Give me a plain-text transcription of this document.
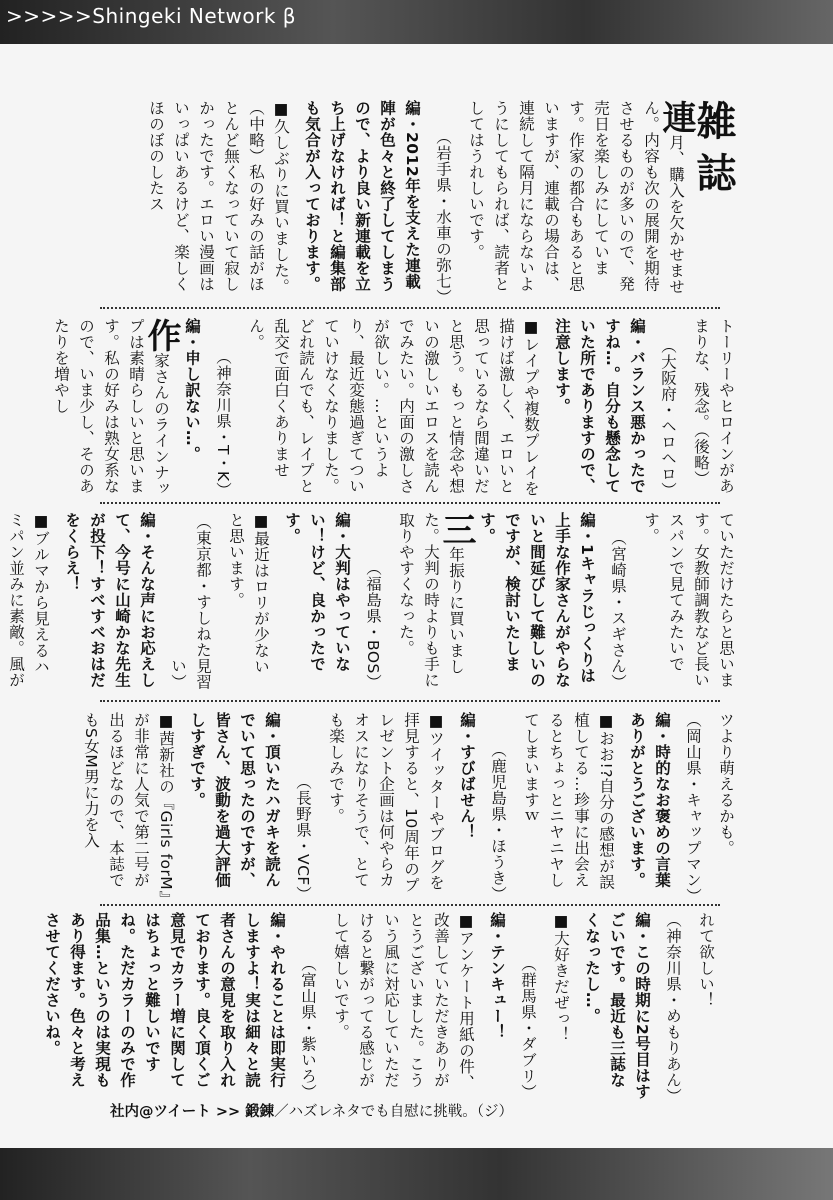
>>>>>Shingeki Network β
雑誌
連月、購入を欠かせません。内容も次の展開を期待させるものが多いので、発売日を楽しみにしています。作家の都合もあると思いますが、連載の場合は、連続して隔月にならないようにしてもられば、読者としてはうれしいです。
（岩手県・水車の弥七）
編・2012年を支えた連載陣が色々と終了してしまうので、より良い新連載を立ち上げなければ！と編集部も気合が入っております。
■久しぶりに買いました。（中略）私の好みの話がほとんど無くなっていて寂しかったです。エロい漫画はいっぱいあるけど、楽しくほのぼのしたス
トーリーやヒロインがあまりな、残念。（後略）
（大阪府・ヘロヘロ）
編・バランス悪かったですね…。自分も懸念していた所でありますので、注意します。
■レイプや複数プレイを描けば激しく、エロいと思っているなら間違いだと思う。もっと情念や想いの激しいエロスを読んでみたい。内面の激しさが欲しい。…というより、最近変態過ぎてついていけなくなりました。どれ読んでも、レイプと乱交で面白くありません。
（神奈川県・T・K）
編・申し訳ない…。
作家さんのラインナップは素晴らしいと思います。私の好みは熟女系なので、いま少し、そのあたりを増やし
ていただけたらと思います。女教師調教など長いスパンで見てみたいです。
（宮崎県・スギさん）
編・1キャラじっくりは上手な作家さんがやらないと間延びして難しいのですが、検討いたします。
三年振りに買いました。大判の時よりも手に取りやすくなった。
（福島県・BOS）
編・大判はやっていない！けど、良かったです。
■最近はロリが少ないと思います。
（東京都・すしねた見習い）
編・そんな声にお応えして、今号に山崎かな先生が投下！すべすべおはだをくらえ！
■ブルマから見えるハミパン並みに素敵。風が
ツより萌えるかも。
（岡山県・キャップマン）
編・時的なお褒めの言葉ありがとうございます。
■おお!?自分の感想が誤植してる…珍事に出会えるとちょっとニヤニヤしてしまいますｗ
（鹿児島県・ほうき）
編・すびばせん！
■ツイッターやブログを拝見すると、10周年のプレゼント企画は何やらカオスになりそうで、とても楽しみです。
（長野県・VCF）
編・頂いたハガキを読んでいて思ったのですが、皆さん、波動を過大評価しすぎです。
■茜新社の『Girls forM』が非常に人気で第二号が出るほどなので、本誌でもS女M男に力を入
れて欲しい！
（神奈川県・めもりあん）
編・この時期に2号目はすごいです。最近も三誌なくなったし…。
■大好きだぜっ！
（群馬県・ダブリ）
編・テンキュー！
■アンケート用紙の件、改善していただきありがとうございました。こういう風に対応していただけると繋がってる感じがして嬉しいです。
（富山県・紫いろ）
編・やれることは即実行しますよ！実は細々と読者さんの意見を取り入れております。良く頂くご意見でカラー増に関してはちょっと難しいですね。ただカラーのみで作品集…というのは実現もあり得ます。色々と考えさせてくださいね。
社内@ツイート >> 鍛錬／ハズレネタでも自慰に挑戦。（ジ）
